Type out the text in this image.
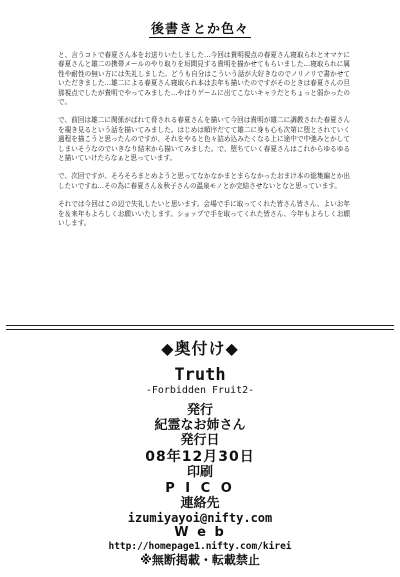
後書きとか色々

と、言うコトで春夏さん本をお送りいたしました…今回は貴明視点の春夏さん寝取られとオマケに春夏さんと雄二の携帯メールのやり取りを垣間見する貴明を描かせてもらいました…寝取られに属性や耐性の無い方には失礼しました。どうも自分はこういう話が大好きなのでノリノリで書かせていただきました…雄二による春夏さん寝取られ本は去年も描いたのですがそのときは春夏さんの旦那視点でしたが貴明でやってみました…やはりゲームに出てこないキャラだとちょっと弱かったので。

で、前回は雄二に関係がばれて脅される春夏さんを描いて今回は貴明が雄二に調教された春夏さんを覗き見るという話を描いてみました。はじめは順序だてて雄二に身も心も次第に堕とされていく過程を描こうと思ったんのですが、それをやると色々詰め込みたくなる上に途中で中弛みとかしてしまいそうなのでいきなり結末から描いてみました。で、堕ちていく春夏さんはこれからゆるゆると描いていけたらなぁと思っています。

で、次回ですが、そろそろまとめようと思ってなかなかまとまらなかったおまけ本の総集編とか出したいですね…その為に春夏さん＆秋子さんの温泉モノとか完結させないとなと思っています。

それでは今回はこの辺で失礼したいと思います。会場で手に取ってくれた皆さん皆さん、よいお年を＆来年もよろしくお願いいたします。ショップで手を取ってくれた皆さん、今年もよろしくお願いします。

◆奥付け◆
Truth
-Forbidden Fruit2-
発行
紀霊なお姉さん
発行日
08年12月30日
印刷
P I C O
連絡先
izumiyayoi@nifty.com
W e b
http://homepage1.nifty.com/kirei
※無断掲載・転載禁止
